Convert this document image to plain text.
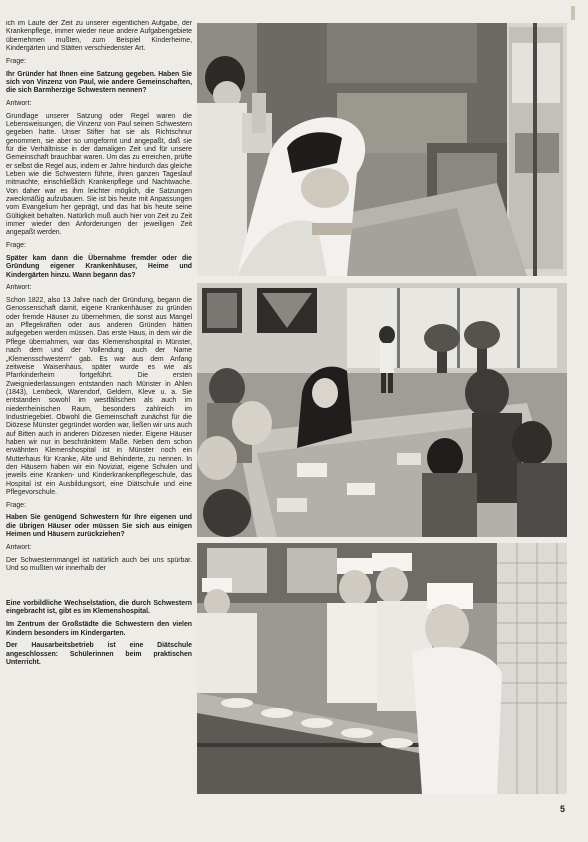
ich im Laufe der Zeit zu unserer eigentlichen Aufgabe, der Krankenpflege, immer wieder neue andere Aufgabengebiete übernehmen mußten, zum Beispiel Kinderheime, Kindergärten und Stätten verschiedenster Art.

Frage:

Ihr Gründer hat Ihnen eine Satzung gegeben. Haben Sie sich von Vinzenz von Paul, wie andere Gemeinschaften, die sich Barmherzige Schwestern nennen?

Antwort:

Grundlage unserer Satzung oder Regel waren die Lebensweisungen, die Vinzenz von Paul seinen Schwestern gegeben hatte. Unser Stifter hat sie als Richtschnur genommen, sie aber so umgeformt und angepaßt, daß sie für die Verhältnisse in der damaligen Zeit und für unsere Gemeinschaft brauchbar waren. Um das zu erreichen, prüfte er selbst die Regel aus, indem er Jahre hindurch das gleiche Leben wie die Schwestern führte, ihren ganzen Tageslauf mitmachte, einschließlich Krankenpflege und Nachtwache. Von daher war es ihm leichter möglich, die Satzungen zweckmäßig aufzubauen. Sie ist bis heute mit Anpassungen vom Evangelium her geprägt, und das hat bis heute seine Gültigkeit behalten. Natürlich muß auch hier von Zeit zu Zeit immer wieder den Anforderungen der jeweiligen Zeit angepaßt werden.

Frage:

Später kam dann die Übernahme fremder oder die Gründung eigener Krankenhäuser, Heime und Kindergärten hinzu. Wann begann das?

Antwort:

Schon 1822, also 13 Jahre nach der Gründung, begann die Genossenschaft damit, eigene Krankenhäuser zu gründen oder fremde Häuser zu übernehmen, die sonst aus Mangel an Pflegekräften oder aus anderen Gründen hätten aufgegeben werden müssen. Das erste Haus, in dem wir die Pflege übernahmen, war das Klemenshospital in Münster, nach dem und der Vollendung auch der Name „Klemensschwestern“ gab. Es war aus dem Anfang zeitweise Waisenhaus, später wurde es wie als Pfarrkinderheim fortgeführt. Die ersten Zweigniederlassungen entstanden nach Münster in Ahlen (1843), Lembeck, Warendorf, Geldern, Kleve u. a. Sie entstanden sowohl im westfälischen als auch im niederrheinischen Raum, besonders zahlreich im Industriegebiet. Obwohl die Gemeinschaft zunächst für die Diözese Münster gegründet worden war, ließen wir uns auch auf Bitten auch in anderen Diözesen nieder. Eigene Häuser haben wir nur in beschränktem Maße. Neben dem schon erwähnten Klemenshospital ist in Münster noch ein Mutterhaus für Kranke, Alte und Behinderte, zu nennen. In den Häusern haben wir ein Noviziat, eigene Schulen und jeweils eine Kranken- und Kinderkrankenpflegeschule, das Hospital ist ein Ausbildungsort, eine Diätschule und eine Pflegevorschule.

Frage:

Haben Sie genügend Schwestern für Ihre eigenen und die übrigen Häuser oder müssen Sie sich aus einigen Heimen und Häusern zurückziehen?

Antwort:

Der Schwesternmangel ist natürlich auch bei uns spürbar. Und so mußten wir innerhalb der

Eine vorbildliche Wechselstation, die durch Schwestern eingebracht ist, gibt es im Klemenshospital.

Im Zentrum der Großstädte die Schwestern den vielen Kindern besonders im Kindergarten.

Der Hausarbeitsbetrieb ist eine Diätschule angeschlossen: Schülerinnen beim praktischen Unterricht.

5
